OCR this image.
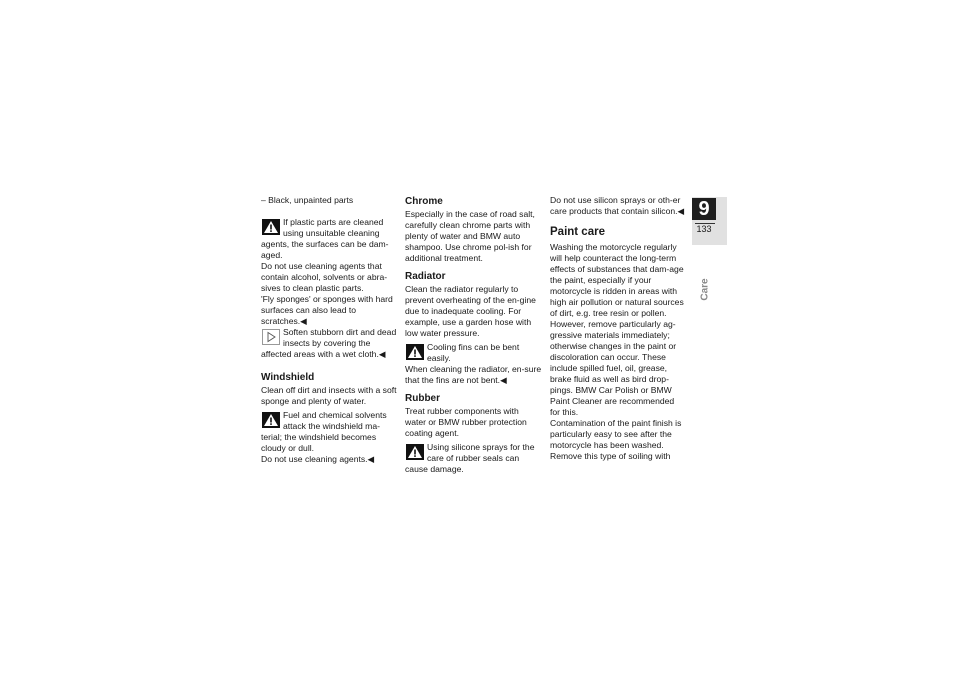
– Black, unpainted parts

If plastic parts are cleaned using unsuitable cleaning agents, the surfaces can be dam-aged.

Do not use cleaning agents that contain alcohol, solvents or abra-sives to clean plastic parts.

'Fly sponges' or sponges with hard surfaces can also lead to scratches.◀

Soften stubborn dirt and dead insects by covering the affected areas with a wet cloth.◀
Windshield

Clean off dirt and insects with a soft sponge and plenty of water.

Fuel and chemical solvents attack the windshield ma-terial; the windshield becomes cloudy or dull.

Do not use cleaning agents.◀

Chrome

Especially in the case of road salt, carefully clean chrome parts with plenty of water and BMW auto shampoo. Use chrome pol-ish for additional treatment.

Radiator

Clean the radiator regularly to prevent overheating of the en-gine due to inadequate cooling. For example, use a garden hose with low water pressure.

Cooling fins can be bent easily.

When cleaning the radiator, en-sure that the fins are not bent.◀

Rubber

Treat rubber components with water or BMW rubber protection coating agent.

Using silicone sprays for the care of rubber seals can cause damage.

Do not use silicon sprays or oth-er care products that contain silicon.◀

Paint care

Washing the motorcycle regularly will help counteract the long-term effects of substances that dam-age the paint, especially if your motorcycle is ridden in areas with high air pollution or natural sources of dirt, e.g. tree resin or pollen.

However, remove particularly ag-gressive materials immediately; otherwise changes in the paint or discoloration can occur. These include spilled fuel, oil, grease, brake fluid as well as bird drop-pings. BMW Car Polish or BMW Paint Cleaner are recommended for this.

Contamination of the paint finish is particularly easy to see after the motorcycle has been washed. Remove this type of soiling with

9
133
Care
